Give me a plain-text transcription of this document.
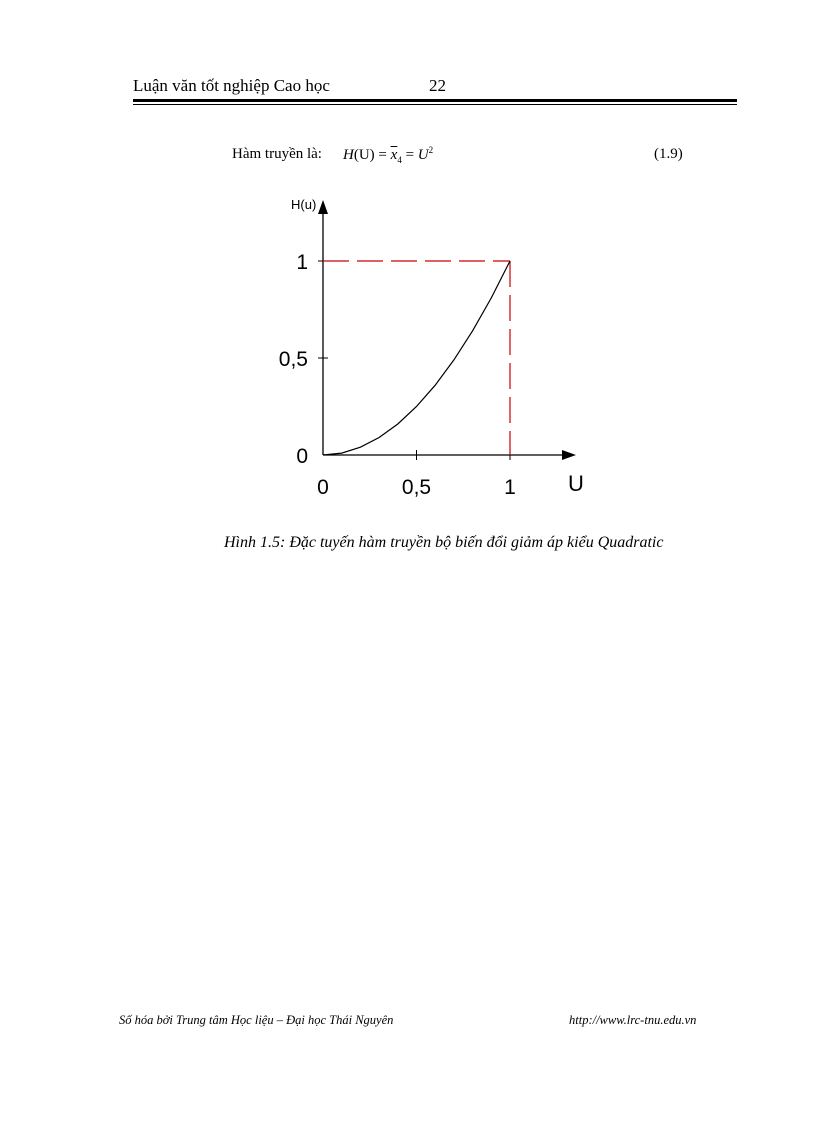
Luận văn tốt nghiệp Cao học	22
Hàm truyền là: $H(U) = \overline{x}_4 = U^2$	(1.9)
H(u)
U
0
0
0,5
0,5
1
1
Hình 1.5: Đặc tuyến hàm truyền bộ biến đổi giảm áp kiểu Quadratic
Số hóa bởi Trung tâm Học liệu – Đại học Thái Nguyên	http://www.lrc-tnu.edu.vn
